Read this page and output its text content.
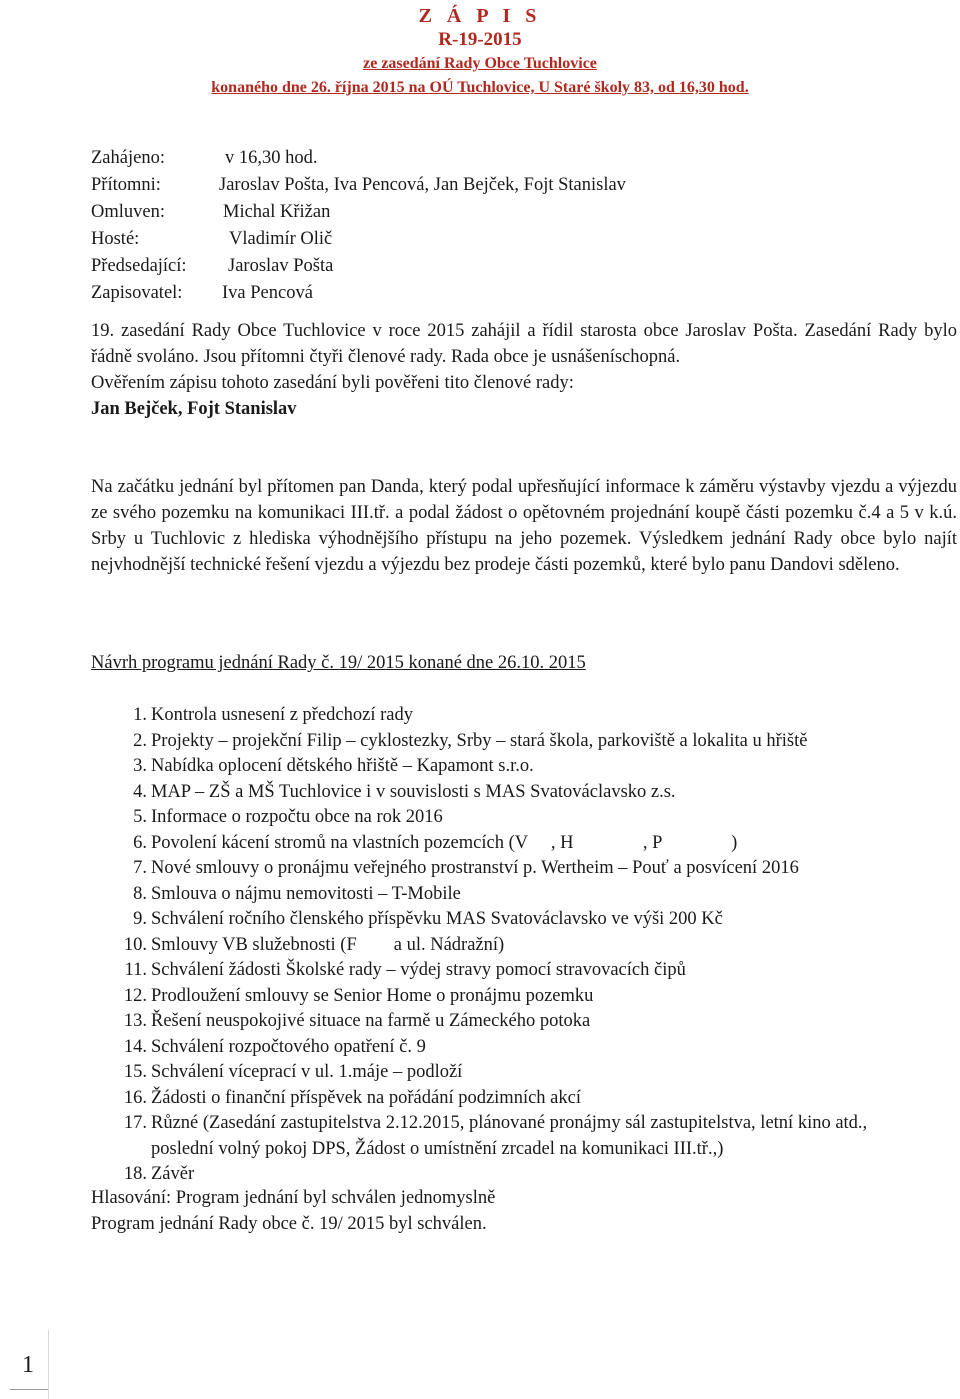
Z Á P I S
R-19-2015
ze zasedání Rady Obce Tuchlovice
konaného dne 26. října 2015 na OÚ Tuchlovice, U Staré školy 83, od 16,30 hod.
Zahájeno:	v 16,30 hod.
Přítomni:	Jaroslav Pošta, Iva Pencová, Jan Bejček, Fojt Stanislav
Omluven:	Michal Křižan
Hosté:	Vladimír Olič
Předsedající: Jaroslav Pošta
Zapisovatel: Iva Pencová

19. zasedání Rady Obce Tuchlovice v roce 2015 zahájil a řídil starosta obce Jaroslav Pošta. Zasedání Rady bylo řádně svoláno. Jsou přítomni čtyři členové rady. Rada obce je usnášeníschopná.

Ověřením zápisu tohoto zasedání byli pověřeni tito členové rady:

Jan Bejček, Fojt Stanislav

Na začátku jednání byl přítomen pan Danda, který podal upřesňující informace k záměru výstavby vjezdu a výjezdu ze svého pozemku na komunikaci III.tř. a podal žádost o opětovném projednání koupě části pozemku č.4 a 5 v k.ú. Srby u Tuchlovic z hlediska výhodnějšího přístupu na jeho pozemek. Výsledkem jednání Rady obce bylo najít nejvhodnější technické řešení vjezdu a výjezdu bez prodeje části pozemků, které bylo panu Dandovi sděleno.

Návrh programu jednání Rady č. 19/ 2015 konané dne 26.10. 2015

1. Kontrola usnesení z předchozí rady
2. Projekty – projekční Filip – cyklostezky, Srby – stará škola, parkoviště a lokalita u hřiště
3. Nabídka oplocení dětského hřiště – Kapamont s.r.o.
4. MAP – ZŠ a MŠ Tuchlovice i v souvislosti s MAS Svatováclavsko z.s.
5. Informace o rozpočtu obce na rok 2016
6. Povolení kácení stromů na vlastních pozemcích (V     , H               , P               )
7. Nové smlouvy o pronájmu veřejného prostranství p. Wertheim – Pouť a posvícení 2016
8. Smlouva o nájmu nemovitosti – T-Mobile
9. Schválení ročního členského příspěvku MAS Svatováclavsko ve výši 200 Kč
10. Smlouvy VB služebnosti (F        a ul. Nádražní)
11. Schválení žádosti Školské rady – výdej stravy pomocí stravovacích čipů
12. Prodloužení smlouvy se Senior Home o pronájmu pozemku
13. Řešení neuspokojivé situace na farmě u Zámeckého potoka
14. Schválení rozpočtového opatření č. 9
15. Schválení víceprací v ul. 1.máje – podloží
16. Žádosti o finanční příspěvek na pořádání podzimních akcí
17. Různé (Zasedání zastupitelstva 2.12.2015, plánované pronájmy sál zastupitelstva, letní kino atd., poslední volný pokoj DPS, Žádost o umístnění zrcadel na komunikaci III.tř.,)
18. Závěr
Hlasování: Program jednání byl schválen jednomyslně
Program jednání Rady obce č. 19/ 2015 byl schválen.
1
